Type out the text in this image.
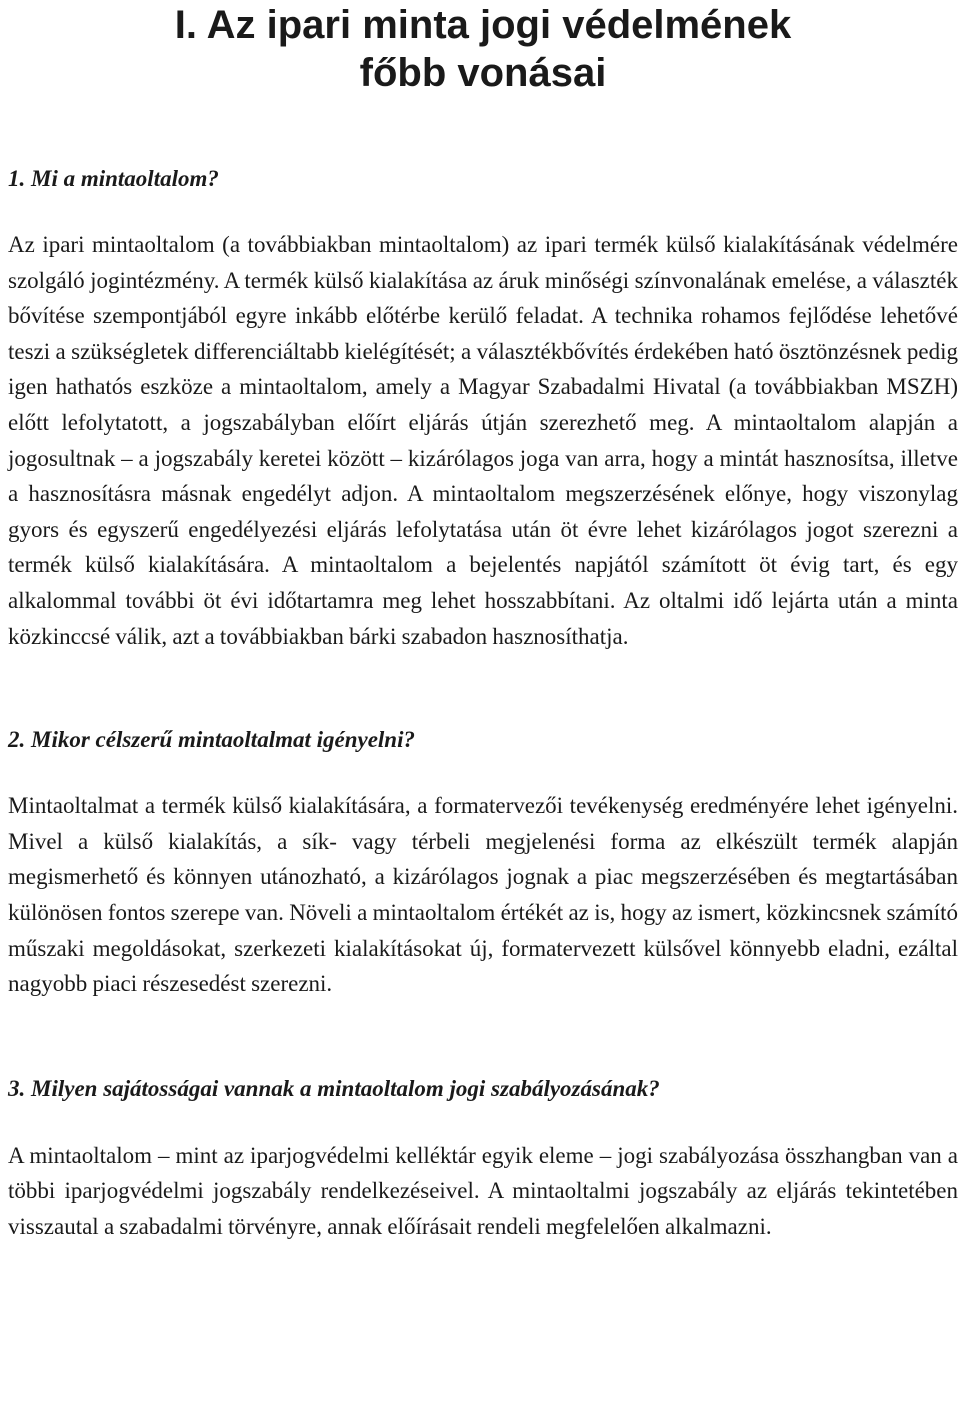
I. Az ipari minta jogi védelmének
főbb vonásai
1. Mi a mintaoltalom?

Az ipari mintaoltalom (a továbbiakban mintaoltalom) az ipari termék külső kialakításának védelmére szolgáló jogintézmény. A termék külső kialakítása az áruk minőségi színvonalának emelése, a választék bővítése szempontjából egyre inkább előtérbe kerülő feladat. A technika rohamos fejlődése lehetővé teszi a szükségletek differenciáltabb kielégítését; a választékbővítés érdekében ható ösztönzésnek pedig igen hathatós eszköze a mintaoltalom, amely a Magyar Szabadalmi Hivatal (a továbbiakban MSZH) előtt lefolytatott, a jogszabályban előírt eljárás útján szerezhető meg. A mintaoltalom alapján a jogosultnak – a jogszabály keretei között – kizárólagos joga van arra, hogy a mintát hasznosítsa, illetve a hasznosításra másnak engedélyt adjon. A mintaoltalom megszerzésének előnye, hogy viszonylag gyors és egyszerű engedélyezési eljárás lefolytatása után öt évre lehet kizárólagos jogot szerezni a termék külső kialakítására. A mintaoltalom a bejelentés napjától számított öt évig tart, és egy alkalommal további öt évi időtartamra meg lehet hosszabbítani. Az oltalmi idő lejárta után a minta közkinccsé válik, azt a továbbiakban bárki szabadon hasznosíthatja.

2. Mikor célszerű mintaoltalmat igényelni?

Mintaoltalmat a termék külső kialakítására, a formatervezői tevékenység eredményére lehet igényelni. Mivel a külső kialakítás, a sík- vagy térbeli megjelenési forma az elkészült termék alapján megismerhető és könnyen utánozható, a kizárólagos jognak a piac megszerzésében és megtartásában különösen fontos szerepe van. Növeli a mintaoltalom értékét az is, hogy az ismert, közkincsnek számító műszaki megoldásokat, szerkezeti kialakításokat új, formatervezett külsővel könnyebb eladni, ezáltal nagyobb piaci részesedést szerezni.

3. Milyen sajátosságai vannak a mintaoltalom jogi szabályozásának?

A mintaoltalom – mint az iparjogvédelmi kelléktár egyik eleme – jogi szabályozása összhangban van a többi iparjogvédelmi jogszabály rendelkezéseivel. A mintaoltalmi jogszabály az eljárás tekintetében visszautal a szabadalmi törvényre, annak előírásait rendeli megfelelően alkalmazni.
